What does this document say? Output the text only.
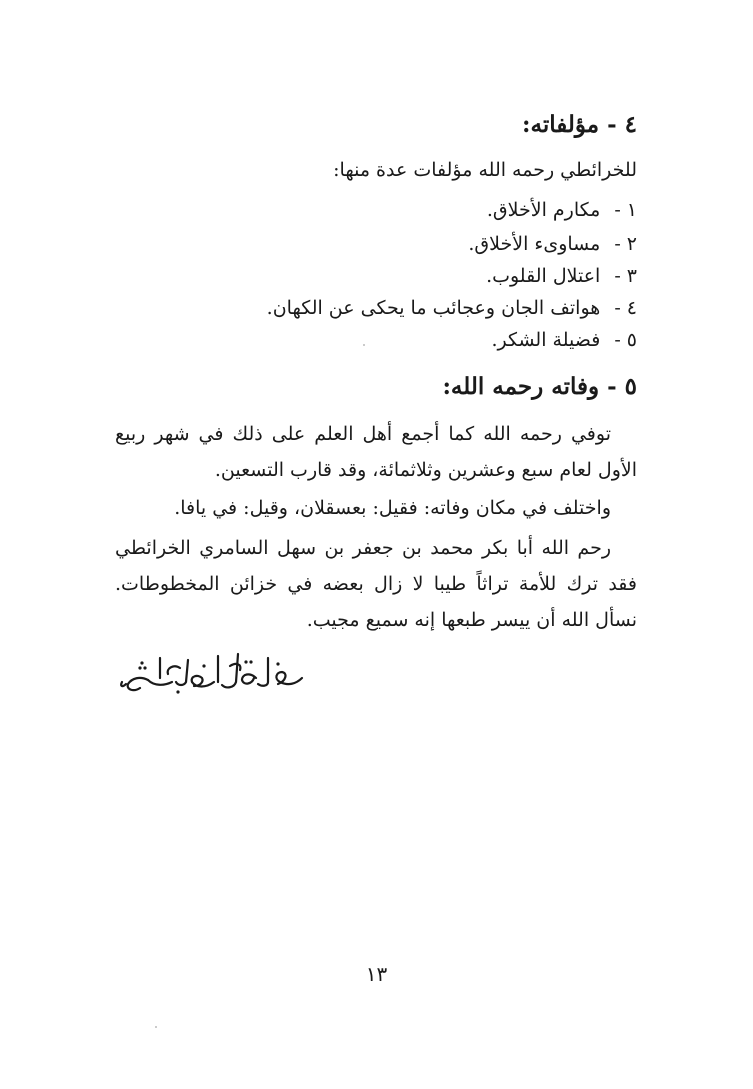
٤ - مؤلفاته:
للخرائطي رحمه الله مؤلفات عدة منها:
١ -مكارم الأخلاق.
٢ -مساوىء الأخلاق.
٣ -اعتلال القلوب.
٤ -هواتف الجان وعجائب ما يحكى عن الكهان.
٥ -فضيلة الشكر.
٥ - وفاته رحمه الله:

توفي رحمه الله كما أجمع أهل العلم على ذلك في شهر ربيع الأول لعام سبع وعشرين وثلاثمائة، وقد قارب التسعين.

واختلف في مكان وفاته: فقيل: بعسقلان، وقيل: في يافا.

رحم الله أبا بكر محمد بن جعفر بن سهل السامري الخرائطي فقد ترك للأمة تراثاً طيبا لا زال بعضه في خزائن المخطوطات. نسأل الله أن ييسر طبعها إنه سميع مجيب.

١٣
